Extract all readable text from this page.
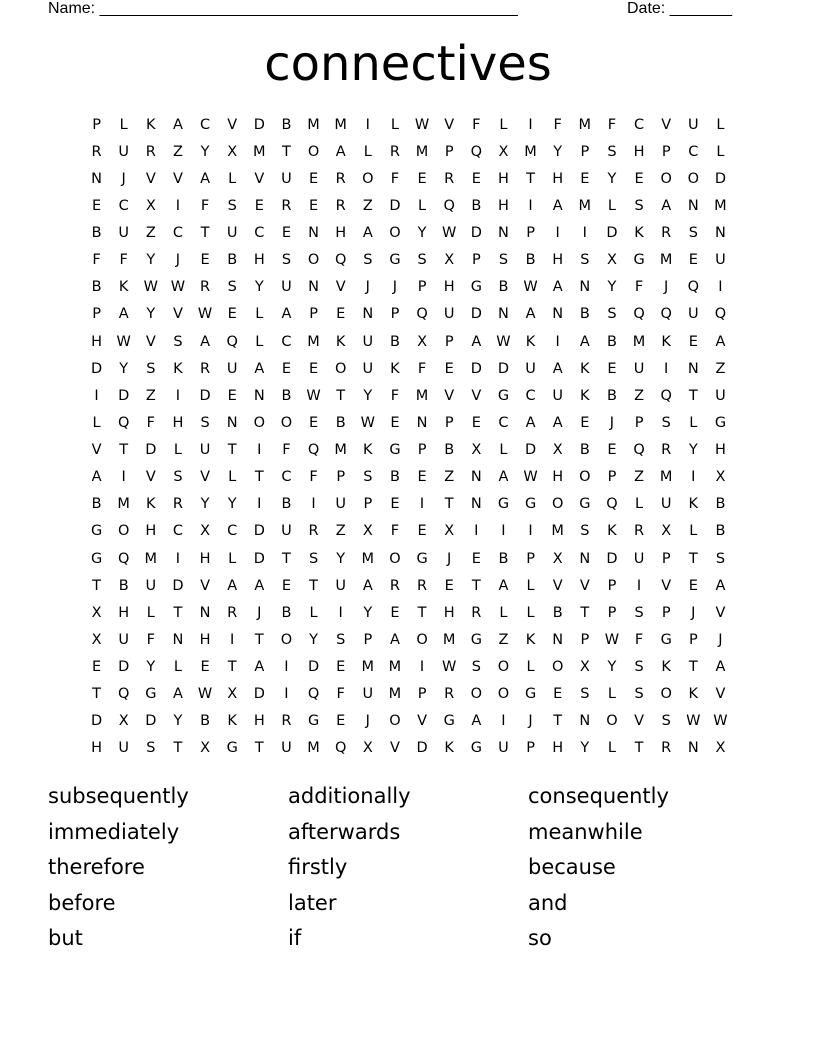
Name: _______________________________________________	Date: _______
connectives
P	L	K	A	C	V	D	B	M	M	I	L	W	V	F	L	I	F	M	F	C	V	U	L
R	U	R	Z	Y	X	M	T	O	A	L	R	M	P	Q	X	M	Y	P	S	H	P	C	L
N	J	V	V	A	L	V	U	E	R	O	F	E	R	E	H	T	H	E	Y	E	O	O	D
E	C	X	I	F	S	E	R	E	R	Z	D	L	Q	B	H	I	A	M	L	S	A	N	M
B	U	Z	C	T	U	C	E	N	H	A	O	Y	W D	N	P	I	I	D	K	R	S	N
F	F	Y	J	E	B	H	S	O	Q	S	G	S	X	P	S	B	H	S	X	G	M	E	U
B	K	W W	R	S	Y	U	N	V	J	J	P	H	G	B	W	A	N	Y	F	J	Q	I
P	A	Y	V	W	E	L	A	P	E	N	P	Q	U	D	N	A	N	B	S	Q	Q	U	Q
H	W	V	S	A	Q	L	C	M	K	U	B	X	P	A	W	K	I	A	B	M	K	E	A
D	Y	S	K	R	U	A	E	E	O	U	K	F	E	D	D	U	A	K	E	U	I	N	Z
I	D	Z	I	D	E	N	B	W	T	Y	F	M	V	V	G	C	U	K	B	Z	Q	T	U
L	Q	F	H	S	N	O	O	E	B	W	E	N	P	E	C	A	A	E	J	P	S	L	G
V	T	D	L	U	T	I	F	Q	M	K	G	P	B	X	L	D	X	B	E	Q	R	Y	H
A	I	V	S	V	L	T	C	F	P	S	B	E	Z	N	A	W	H	O	P	Z	M	I	X
B	M	K	R	Y	Y	I	B	I	U	P	E	I	T	N	G	G	O	G	Q	L	U	K	B
G	O	H	C	X	C	D	U	R	Z	X	F	E	X	I	I	I	M	S	K	R	X	L	B
G	Q	M	I	H	L	D	T	S	Y	M	O	G	J	E	B	P	X	N	D	U	P	T	S
T	B	U	D	V	A	A	E	T	U	A	R	R	E	T	A	L	V	V	P	I	V	E	A
X	H	L	T	N	R	J	B	L	I	Y	E	T	H	R	L	L	B	T	P	S	P	J	V
X	U	F	N	H	I	T	O	Y	S	P	A	O	M	G	Z	K	N	P	W	F	G	P	J
E	D	Y	L	E	T	A	I	D	E	M	M	I	W	S	O	L	O	X	Y	S	K	T	A
T	Q	G	A	W	X	D	I	Q	F	U	M	P	R	O	O	G	E	S	L	S	O	K	V
D	X	D	Y	B	K	H	R	G	E	J	O	V	G	A	I	J	T	N	O	V	S	W W
H	U	S	T	X	G	T	U	M	Q	X	V	D	K	G	U	P	H	Y	L	T	R	N	X
subsequently	additionally	consequently
immediately	afterwards	meanwhile
therefore	firstly	because
before	later	and
but	if	so
